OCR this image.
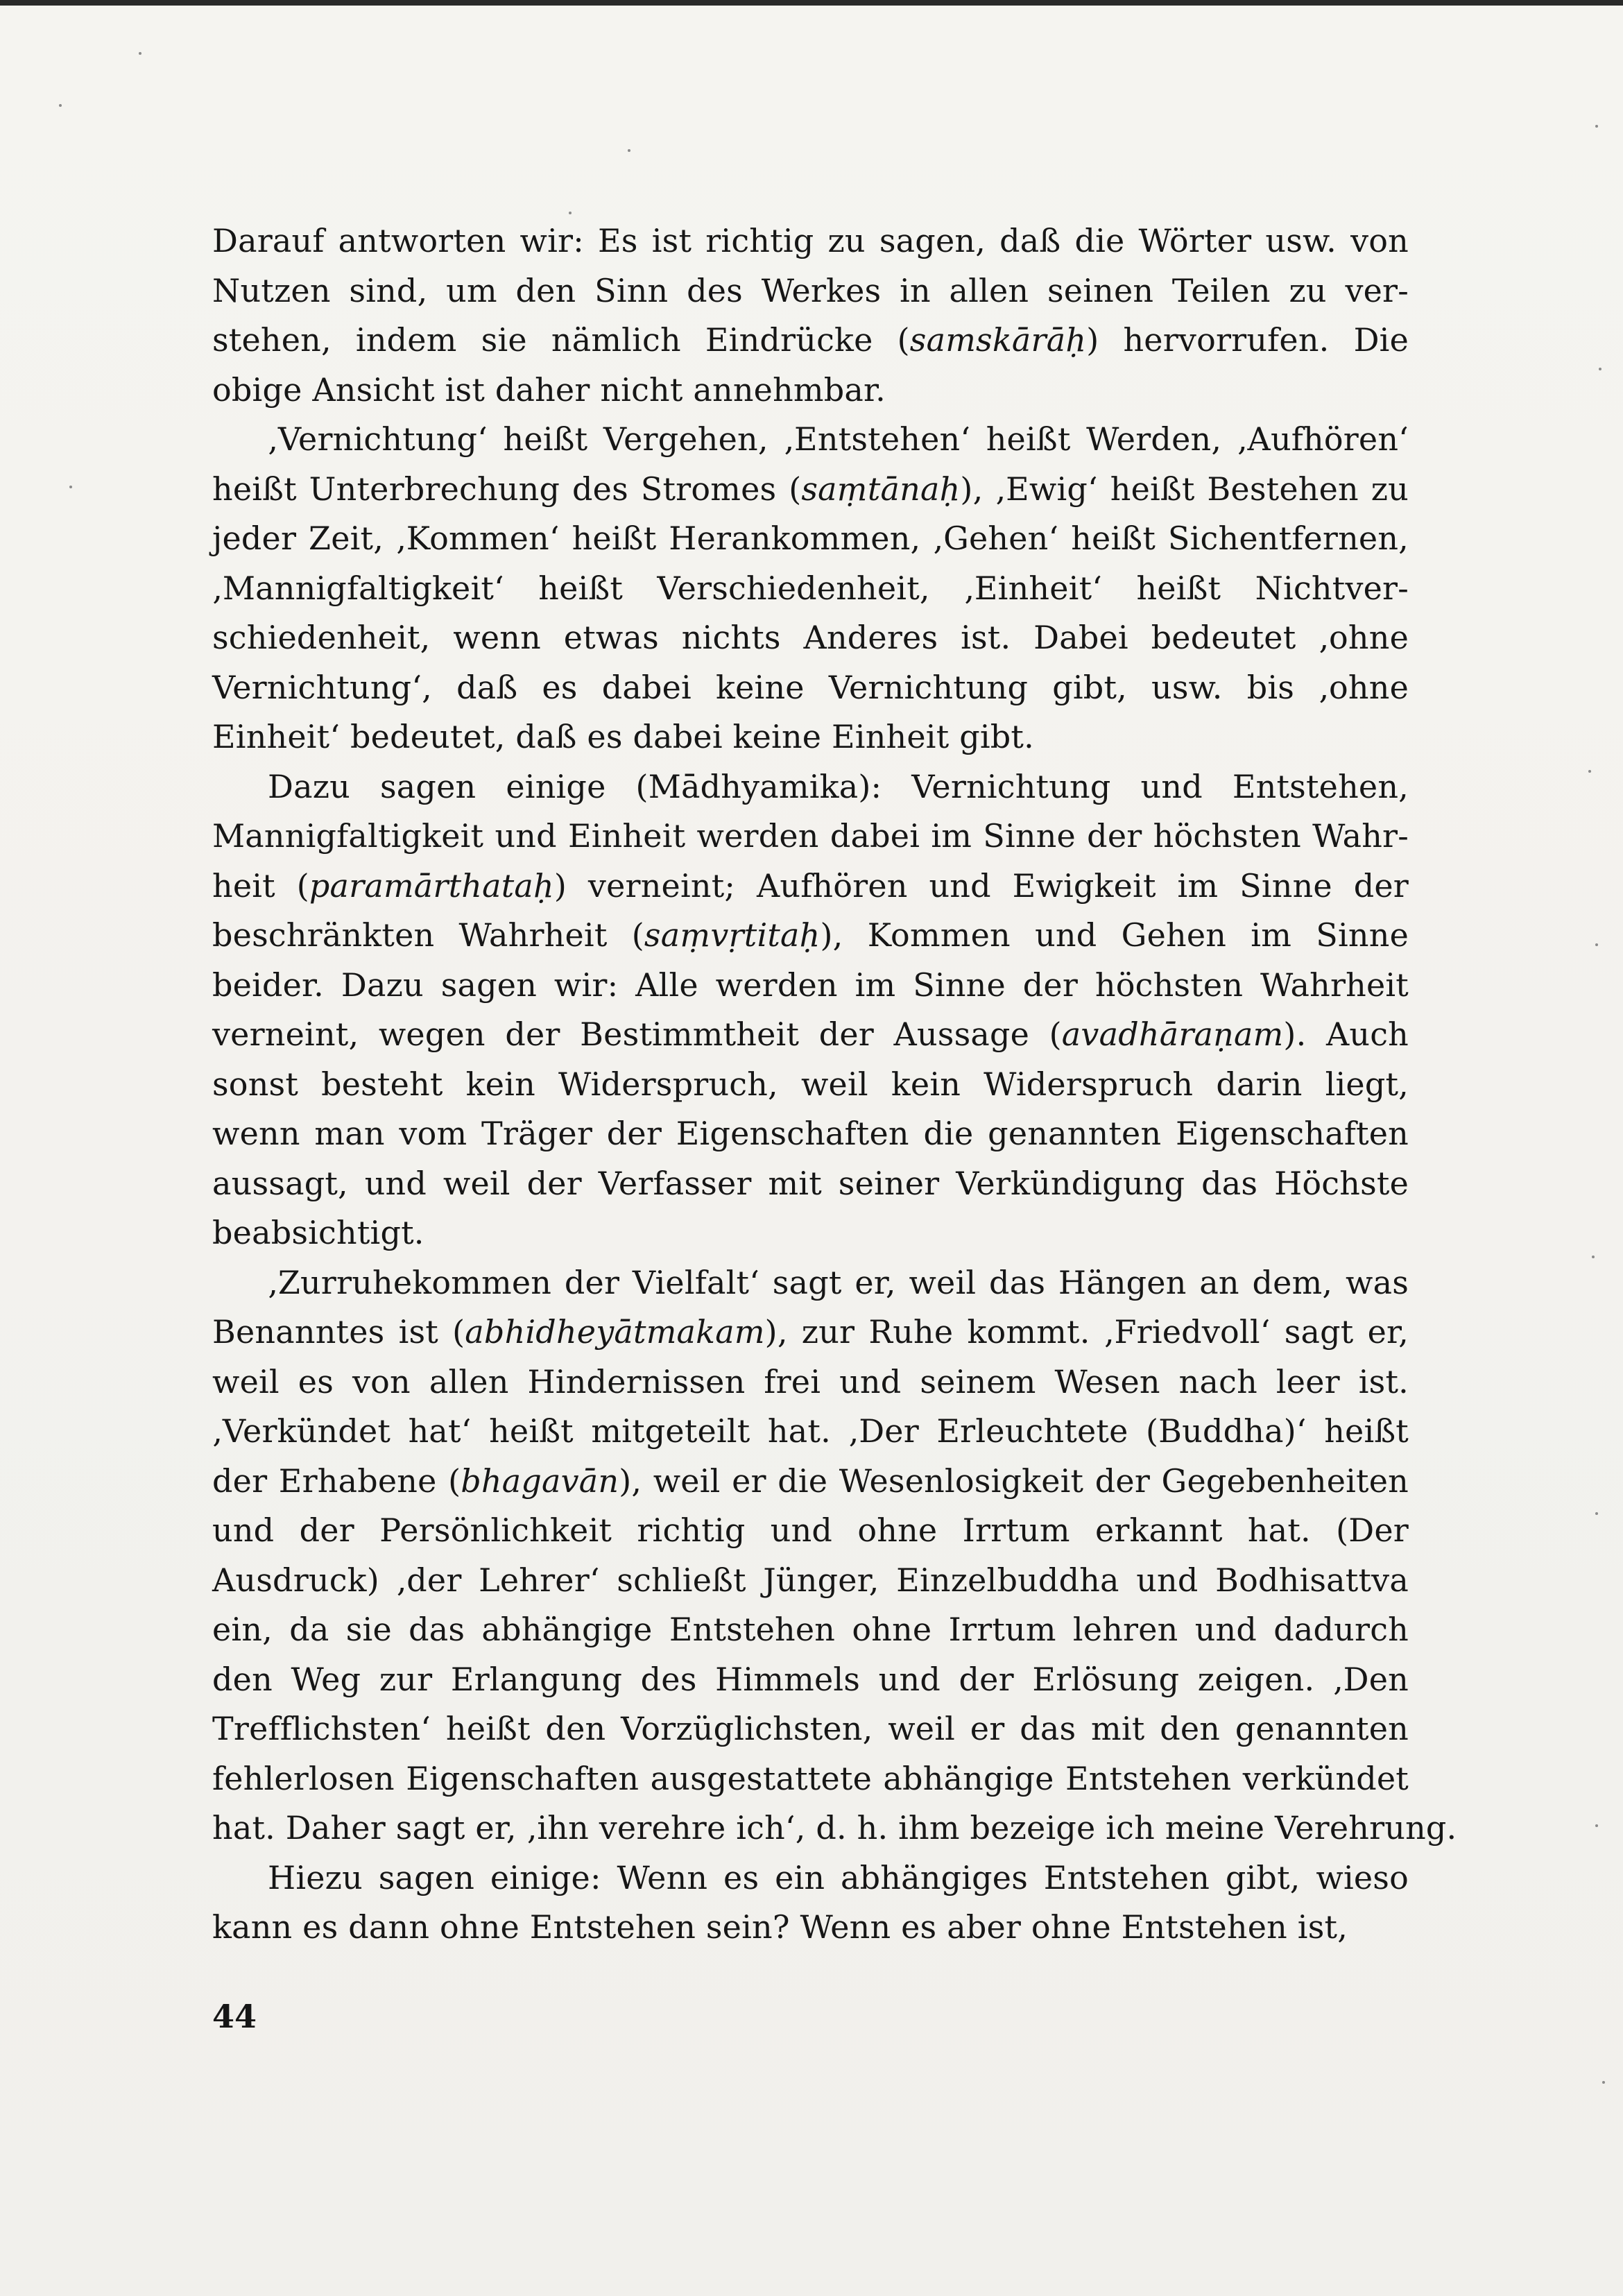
Darauf antworten wir: Es ist richtig zu sagen, daß die Wörter usw. von
Nutzen sind, um den Sinn des Werkes in allen seinen Teilen zu ver-
stehen, indem sie nämlich Eindrücke (samskārāḥ) hervorrufen. Die
obige Ansicht ist daher nicht annehmbar.

‚Vernichtung‘ heißt Vergehen, ‚Entstehen‘ heißt Werden, ‚Aufhören‘
heißt Unterbrechung des Stromes (saṃtānaḥ), ‚Ewig‘ heißt Bestehen zu
jeder Zeit, ‚Kommen‘ heißt Herankommen, ‚Gehen‘ heißt Sichentfernen,
‚Mannigfaltigkeit‘ heißt Verschiedenheit, ‚Einheit‘ heißt Nichtver-
schiedenheit, wenn etwas nichts Anderes ist. Dabei bedeutet ‚ohne
Vernichtung‘, daß es dabei keine Vernichtung gibt, usw. bis ‚ohne
Einheit‘ bedeutet, daß es dabei keine Einheit gibt.

Dazu sagen einige (Mādhyamika): Vernichtung und Entstehen,
Mannigfaltigkeit und Einheit werden dabei im Sinne der höchsten Wahr-
heit (paramārthataḥ) verneint; Aufhören und Ewigkeit im Sinne der
beschränkten Wahrheit (saṃvṛtitaḥ), Kommen und Gehen im Sinne
beider. Dazu sagen wir: Alle werden im Sinne der höchsten Wahrheit
verneint, wegen der Bestimmtheit der Aussage (avadhāraṇam). Auch
sonst besteht kein Widerspruch, weil kein Widerspruch darin liegt,
wenn man vom Träger der Eigenschaften die genannten Eigenschaften
aussagt, und weil der Verfasser mit seiner Verkündigung das Höchste
beabsichtigt.

‚Zurruhekommen der Vielfalt‘ sagt er, weil das Hängen an dem, was
Benanntes ist (abhidheyātmakam), zur Ruhe kommt. ‚Friedvoll‘ sagt er,
weil es von allen Hindernissen frei und seinem Wesen nach leer ist.
‚Verkündet hat‘ heißt mitgeteilt hat. ‚Der Erleuchtete (Buddha)‘ heißt
der Erhabene (bhagavān), weil er die Wesenlosigkeit der Gegebenheiten
und der Persönlichkeit richtig und ohne Irrtum erkannt hat. (Der
Ausdruck) ‚der Lehrer‘ schließt Jünger, Einzelbuddha und Bodhisattva
ein, da sie das abhängige Entstehen ohne Irrtum lehren und dadurch
den Weg zur Erlangung des Himmels und der Erlösung zeigen. ‚Den
Trefflichsten‘ heißt den Vorzüglichsten, weil er das mit den genannten
fehlerlosen Eigenschaften ausgestattete abhängige Entstehen verkündet
hat. Daher sagt er, ‚ihn verehre ich‘, d. h. ihm bezeige ich meine Verehrung.

Hiezu sagen einige: Wenn es ein abhängiges Entstehen gibt, wieso
kann es dann ohne Entstehen sein? Wenn es aber ohne Entstehen ist,

44
